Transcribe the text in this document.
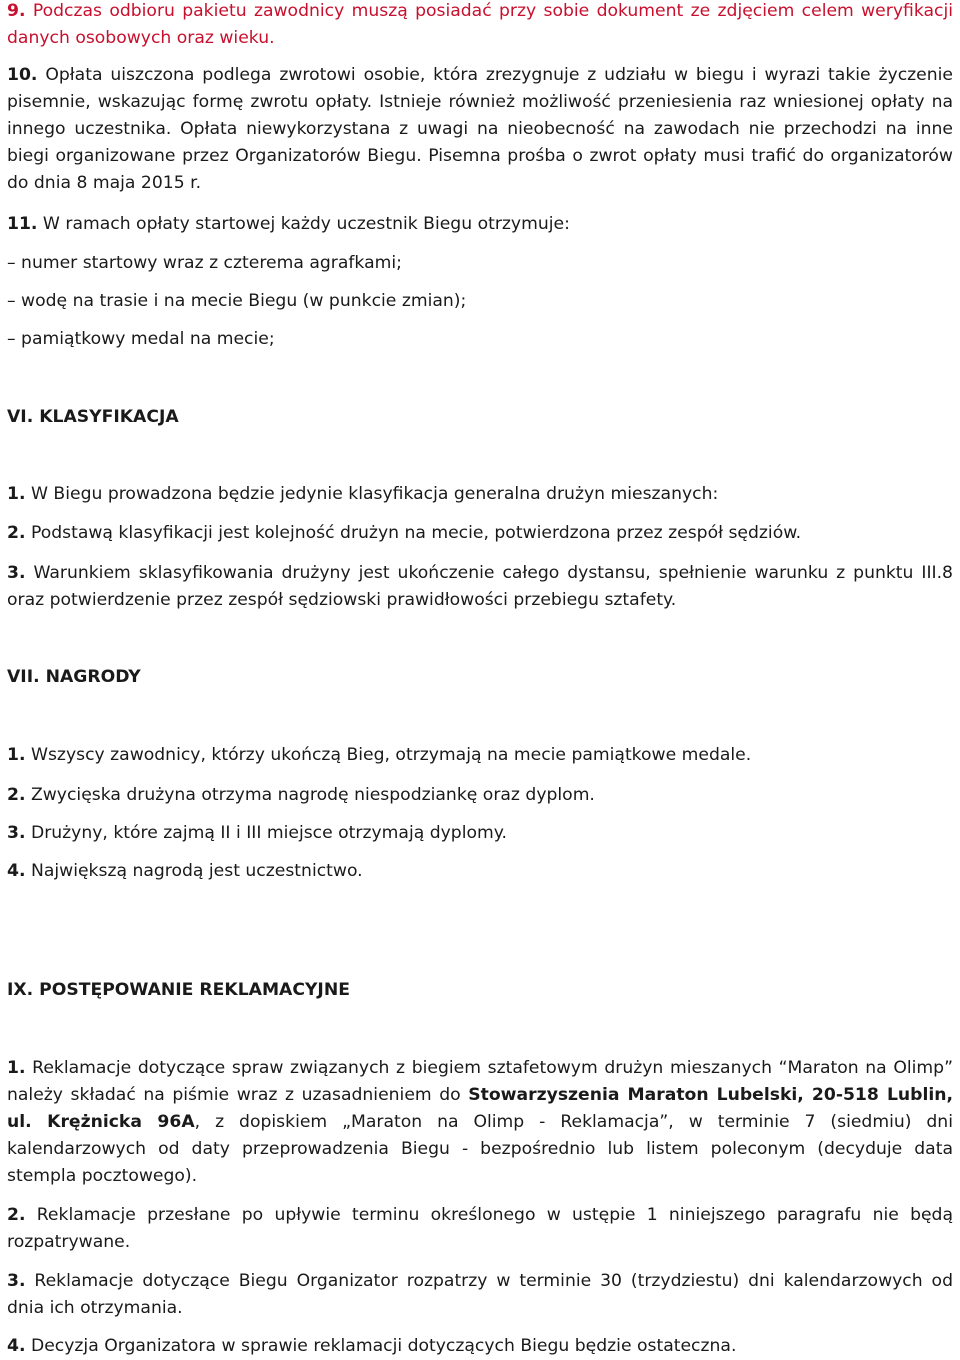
9. Podczas odbioru pakietu zawodnicy muszą posiadać przy sobie dokument ze zdjęciem celem weryfikacji danych osobowych oraz wieku.

10. Opłata uiszczona podlega zwrotowi osobie, która zrezygnuje z udziału w biegu i wyrazi takie życzenie pisemnie, wskazując formę zwrotu opłaty. Istnieje również możliwość przeniesienia raz wniesionej opłaty na innego uczestnika. Opłata niewykorzystana z uwagi na nieobecność na zawodach nie przechodzi na inne biegi organizowane przez Organizatorów Biegu. Pisemna prośba o zwrot opłaty musi trafić do organizatorów do dnia 8 maja 2015 r.

11. W ramach opłaty startowej każdy uczestnik Biegu otrzymuje:

– numer startowy wraz z czterema agrafkami;

– wodę na trasie i na mecie Biegu (w punkcie zmian);

– pamiątkowy medal na mecie;

VI. KLASYFIKACJA

1. W Biegu prowadzona będzie jedynie klasyfikacja generalna drużyn mieszanych:

2. Podstawą klasyfikacji jest kolejność drużyn na mecie, potwierdzona przez zespół sędziów.

3. Warunkiem sklasyfikowania drużyny jest ukończenie całego dystansu, spełnienie warunku z punktu III.8 oraz potwierdzenie przez zespół sędziowski prawidłowości przebiegu sztafety.

VII. NAGRODY

1. Wszyscy zawodnicy, którzy ukończą Bieg, otrzymają na mecie pamiątkowe medale.

2. Zwycięska drużyna otrzyma nagrodę niespodziankę oraz dyplom.

3. Drużyny, które zajmą II i III miejsce otrzymają dyplomy.

4. Największą nagrodą jest uczestnictwo.

IX. POSTĘPOWANIE REKLAMACYJNE

1. Reklamacje dotyczące spraw związanych z biegiem sztafetowym drużyn mieszanych “Maraton na Olimp” należy składać na piśmie wraz z uzasadnieniem do Stowarzyszenia Maraton Lubelski, 20-518 Lublin, ul. Krężnicka 96A, z dopiskiem „Maraton na Olimp - Reklamacja”, w terminie 7 (siedmiu) dni kalendarzowych od daty przeprowadzenia Biegu - bezpośrednio lub listem poleconym (decyduje data stempla pocztowego).

2. Reklamacje przesłane po upływie terminu określonego w ustępie 1 niniejszego paragrafu nie będą rozpatrywane.

3. Reklamacje dotyczące Biegu Organizator rozpatrzy w terminie 30 (trzydziestu) dni kalendarzowych od dnia ich otrzymania.

4. Decyzja Organizatora w sprawie reklamacji dotyczących Biegu będzie ostateczna.
